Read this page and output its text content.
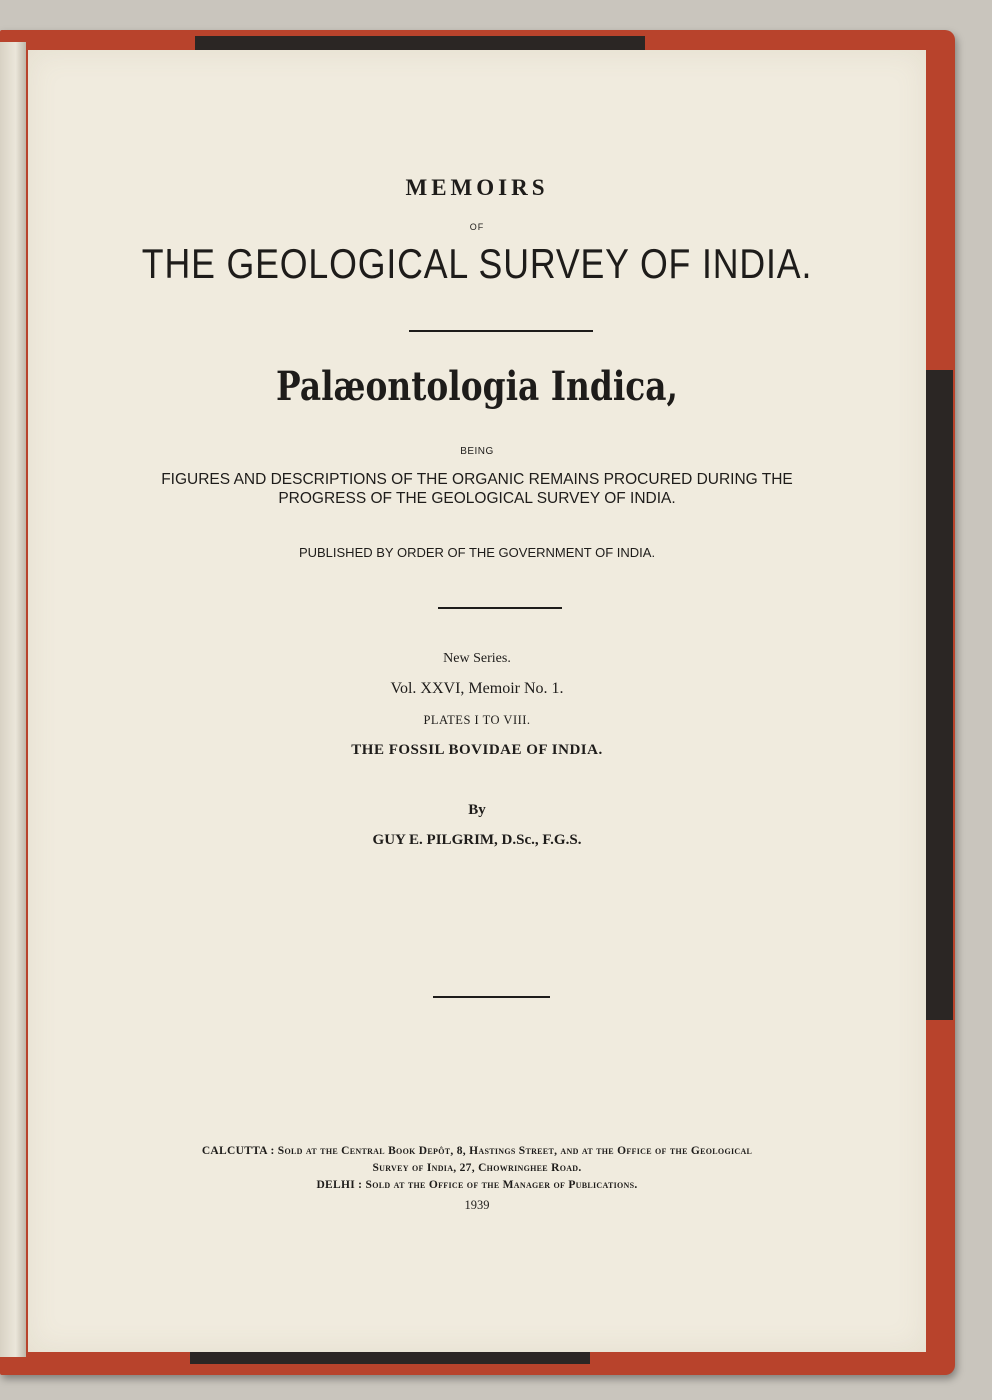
MEMOIRS
OF
THE GEOLOGICAL SURVEY OF INDIA.
Palæontologia Indica,
BEING
FIGURES AND DESCRIPTIONS OF THE ORGANIC REMAINS PROCURED DURING THE
PROGRESS OF THE GEOLOGICAL SURVEY OF INDIA.
PUBLISHED BY ORDER OF THE GOVERNMENT OF INDIA.
New Series.
Vol. XXVI, Memoir No. 1.
PLATES I TO VIII.
THE FOSSIL BOVIDAE OF INDIA.
By
GUY E. PILGRIM, D.Sc., F.G.S.
CALCUTTA : Sold at the Central Book Depôt, 8, Hastings Street, and at the Office of the Geological
Survey of India, 27, Chowringhee Road.
DELHI : Sold at the Office of the Manager of Publications.
1939
